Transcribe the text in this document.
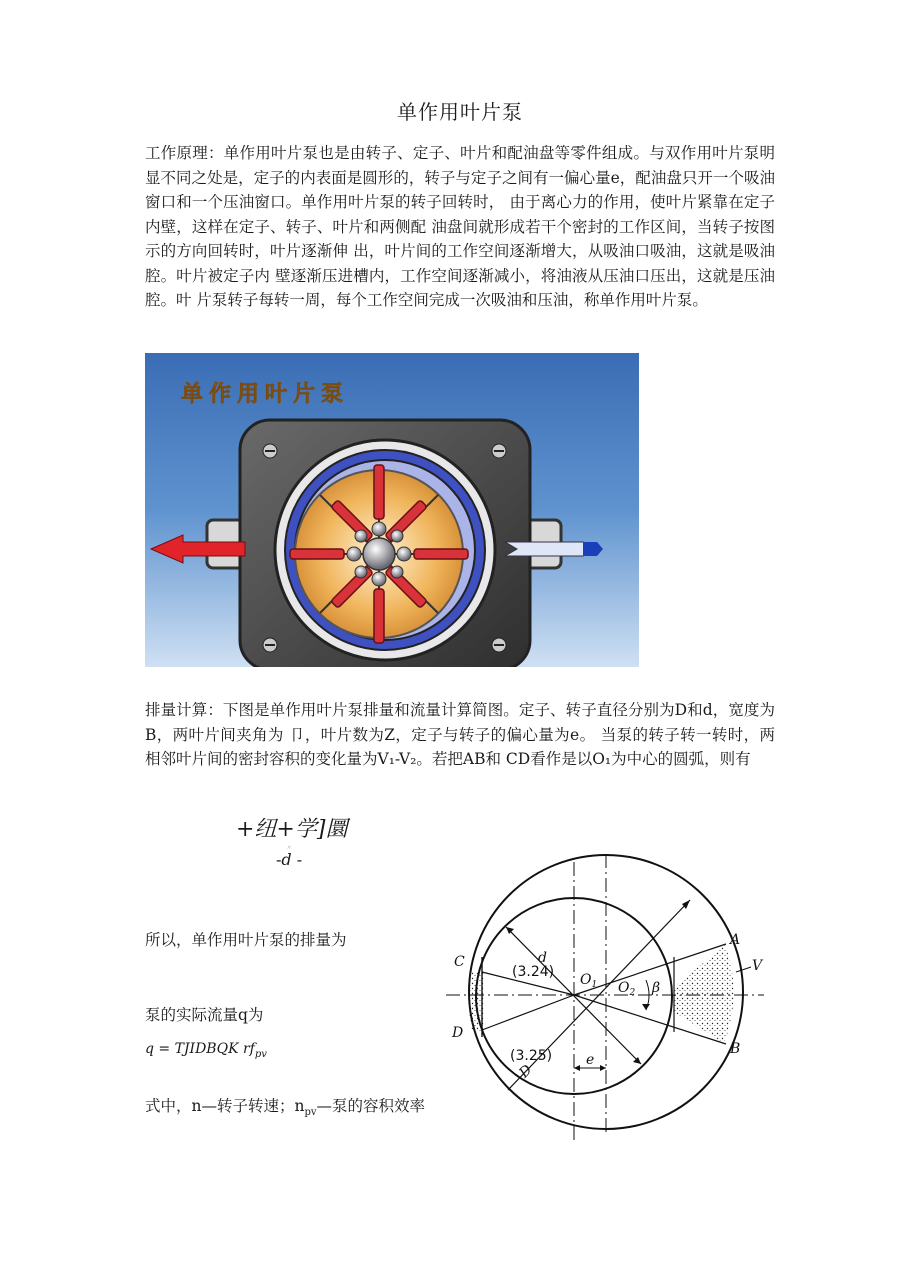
单作用叶片泵
工作原理：单作用叶片泵也是由转子、定子、叶片和配油盘等零件组成。与双作用叶片泵明显不同之处是，定子的内表面是圆形的，转子与定子之间有一偏心量e，配油盘只开一个吸油窗口和一个压油窗口。单作用叶片泵的转子回转时， 由于离心力的作用，使叶片紧靠在定子内壁，这样在定子、转子、叶片和两侧配 油盘间就形成若干个密封的工作区间，当转子按图示的方向回转时，叶片逐渐伸 出，叶片间的工作空间逐渐增大，从吸油口吸油，这就是吸油腔。叶片被定子内 壁逐渐压进槽内，工作空间逐渐减小，将油液从压油口压出，这就是压油腔。叶 片泵转子每转一周，每个工作空间完成一次吸油和压油，称单作用叶片泵。
单作用叶片泵
排量计算：下图是单作用叶片泵排量和流量计算简图。定子、转子直径分别为D和d，宽度为B，两叶片间夹角为 卩，叶片数为Z，定子与转子的偏心量为e。 当泵的转子转一转时，两相邻叶片间的密封容积的变化量为V₁-V₂。若把AB和 CD看作是以O₁为中心的圆弧，则有
+纽+学]圜
〃
-d -
所以，单作用叶片泵的排量为
泵的实际流量q为
q = TJIDBQK $rf_{pv}$
式中，n—转子转速；$n_{pv}—$泵的容积效率
A
B
C
D
V
$O_1$ $O_2$ β
d
D
e
(3.24)
(3.25)
